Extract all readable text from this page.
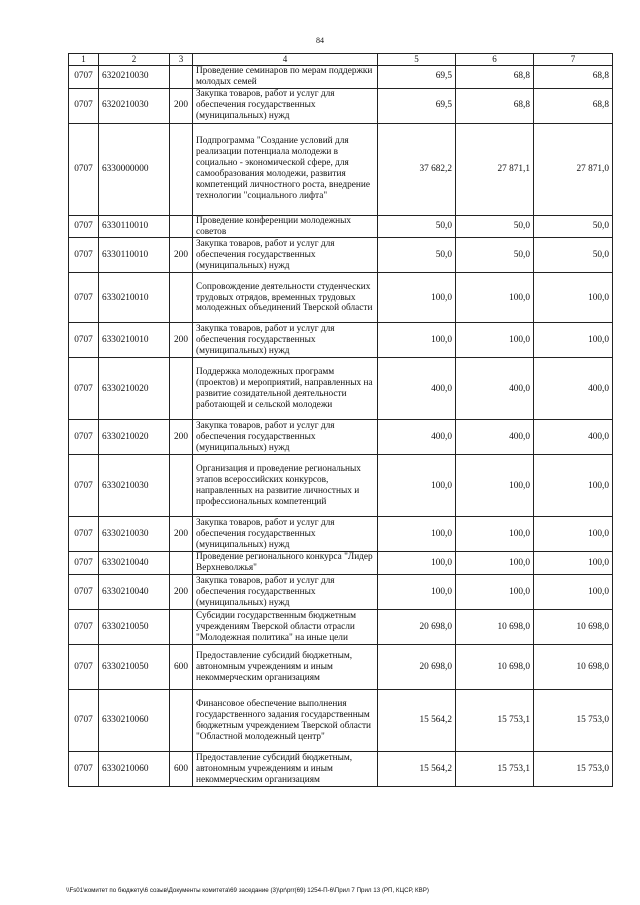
84
1	2	3	4	5	6	7
0707	6320210030		Проведение семинаров по мерам поддержки молодых семей	69,5	68,8	68,8
0707	6320210030	200	Закупка товаров, работ и услуг для обеспечения государственных (муниципальных) нужд	69,5	68,8	68,8
0707	6330000000		Подпрограмма "Создание условий для реализации потенциала молодежи в социально - экономической сфере, для самообразования молодежи, развития компетенций личностного роста, внедрение технологии "социального лифта"	37 682,2	27 871,1	27 871,0
0707	6330110010		Проведение конференции молодежных советов	50,0	50,0	50,0
0707	6330110010	200	Закупка товаров, работ и услуг для обеспечения государственных (муниципальных) нужд	50,0	50,0	50,0
0707	6330210010		Сопровождение деятельности студенческих трудовых отрядов, временных трудовых молодежных объединений Тверской области	100,0	100,0	100,0
0707	6330210010	200	Закупка товаров, работ и услуг для обеспечения государственных (муниципальных) нужд	100,0	100,0	100,0
0707	6330210020		Поддержка молодежных программ (проектов) и мероприятий, направленных на развитие созидательной деятельности работающей и сельской молодежи	400,0	400,0	400,0
0707	6330210020	200	Закупка товаров, работ и услуг для обеспечения государственных (муниципальных) нужд	400,0	400,0	400,0
0707	6330210030		Организация и проведение региональных этапов всероссийских конкурсов, направленных на развитие личностных и профессиональных компетенций	100,0	100,0	100,0
0707	6330210030	200	Закупка товаров, работ и услуг для обеспечения государственных (муниципальных) нужд	100,0	100,0	100,0
0707	6330210040		Проведение регионального конкурса "Лидер Верхневолжья"	100,0	100,0	100,0
0707	6330210040	200	Закупка товаров, работ и услуг для обеспечения государственных (муниципальных) нужд	100,0	100,0	100,0
0707	6330210050		Субсидии государственным бюджетным учреждениям Тверской области отрасли "Молодежная политика" на иные цели	20 698,0	10 698,0	10 698,0
0707	6330210050	600	Предоставление субсидий бюджетным, автономным учреждениям и иным некоммерческим организациям	20 698,0	10 698,0	10 698,0
0707	6330210060		Финансовое обеспечение выполнения государственного задания государственным бюджетным учреждением Тверской области "Областной молодежный центр"	15 564,2	15 753,1	15 753,0
0707	6330210060	600	Предоставление субсидий бюджетным, автономным учреждениям и иным некоммерческим организациям	15 564,2	15 753,1	15 753,0
\\Fs01\комитет по бюджету\6 созыв\Документы комитета\69 заседание (3)\pr\prr(69) 1254-П-6\Прил 7 Прил 13 (РП, КЦСР, КВР)
